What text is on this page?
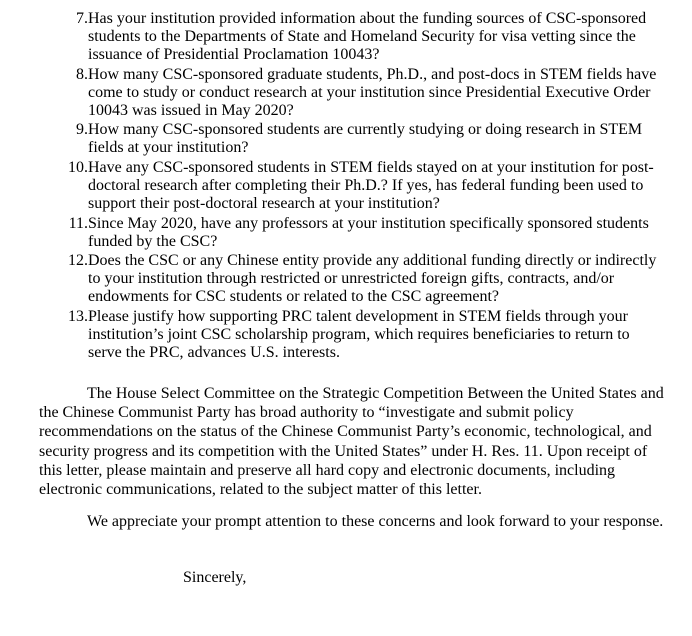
7. Has your institution provided information about the funding sources of CSC-sponsored students to the Departments of State and Homeland Security for visa vetting since the issuance of Presidential Proclamation 10043?
8. How many CSC-sponsored graduate students, Ph.D., and post-docs in STEM fields have come to study or conduct research at your institution since Presidential Executive Order 10043 was issued in May 2020?
9. How many CSC-sponsored students are currently studying or doing research in STEM fields at your institution?
10. Have any CSC-sponsored students in STEM fields stayed on at your institution for post-doctoral research after completing their Ph.D.? If yes, has federal funding been used to support their post-doctoral research at your institution?
11. Since May 2020, have any professors at your institution specifically sponsored students funded by the CSC?
12. Does the CSC or any Chinese entity provide any additional funding directly or indirectly to your institution through restricted or unrestricted foreign gifts, contracts, and/or endowments for CSC students or related to the CSC agreement?
13. Please justify how supporting PRC talent development in STEM fields through your institution’s joint CSC scholarship program, which requires beneficiaries to return to serve the PRC, advances U.S. interests.

The House Select Committee on the Strategic Competition Between the United States and the Chinese Communist Party has broad authority to “investigate and submit policy recommendations on the status of the Chinese Communist Party’s economic, technological, and security progress and its competition with the United States” under H. Res. 11. Upon receipt of this letter, please maintain and preserve all hard copy and electronic documents, including electronic communications, related to the subject matter of this letter.

We appreciate your prompt attention to these concerns and look forward to your response.

Sincerely,
